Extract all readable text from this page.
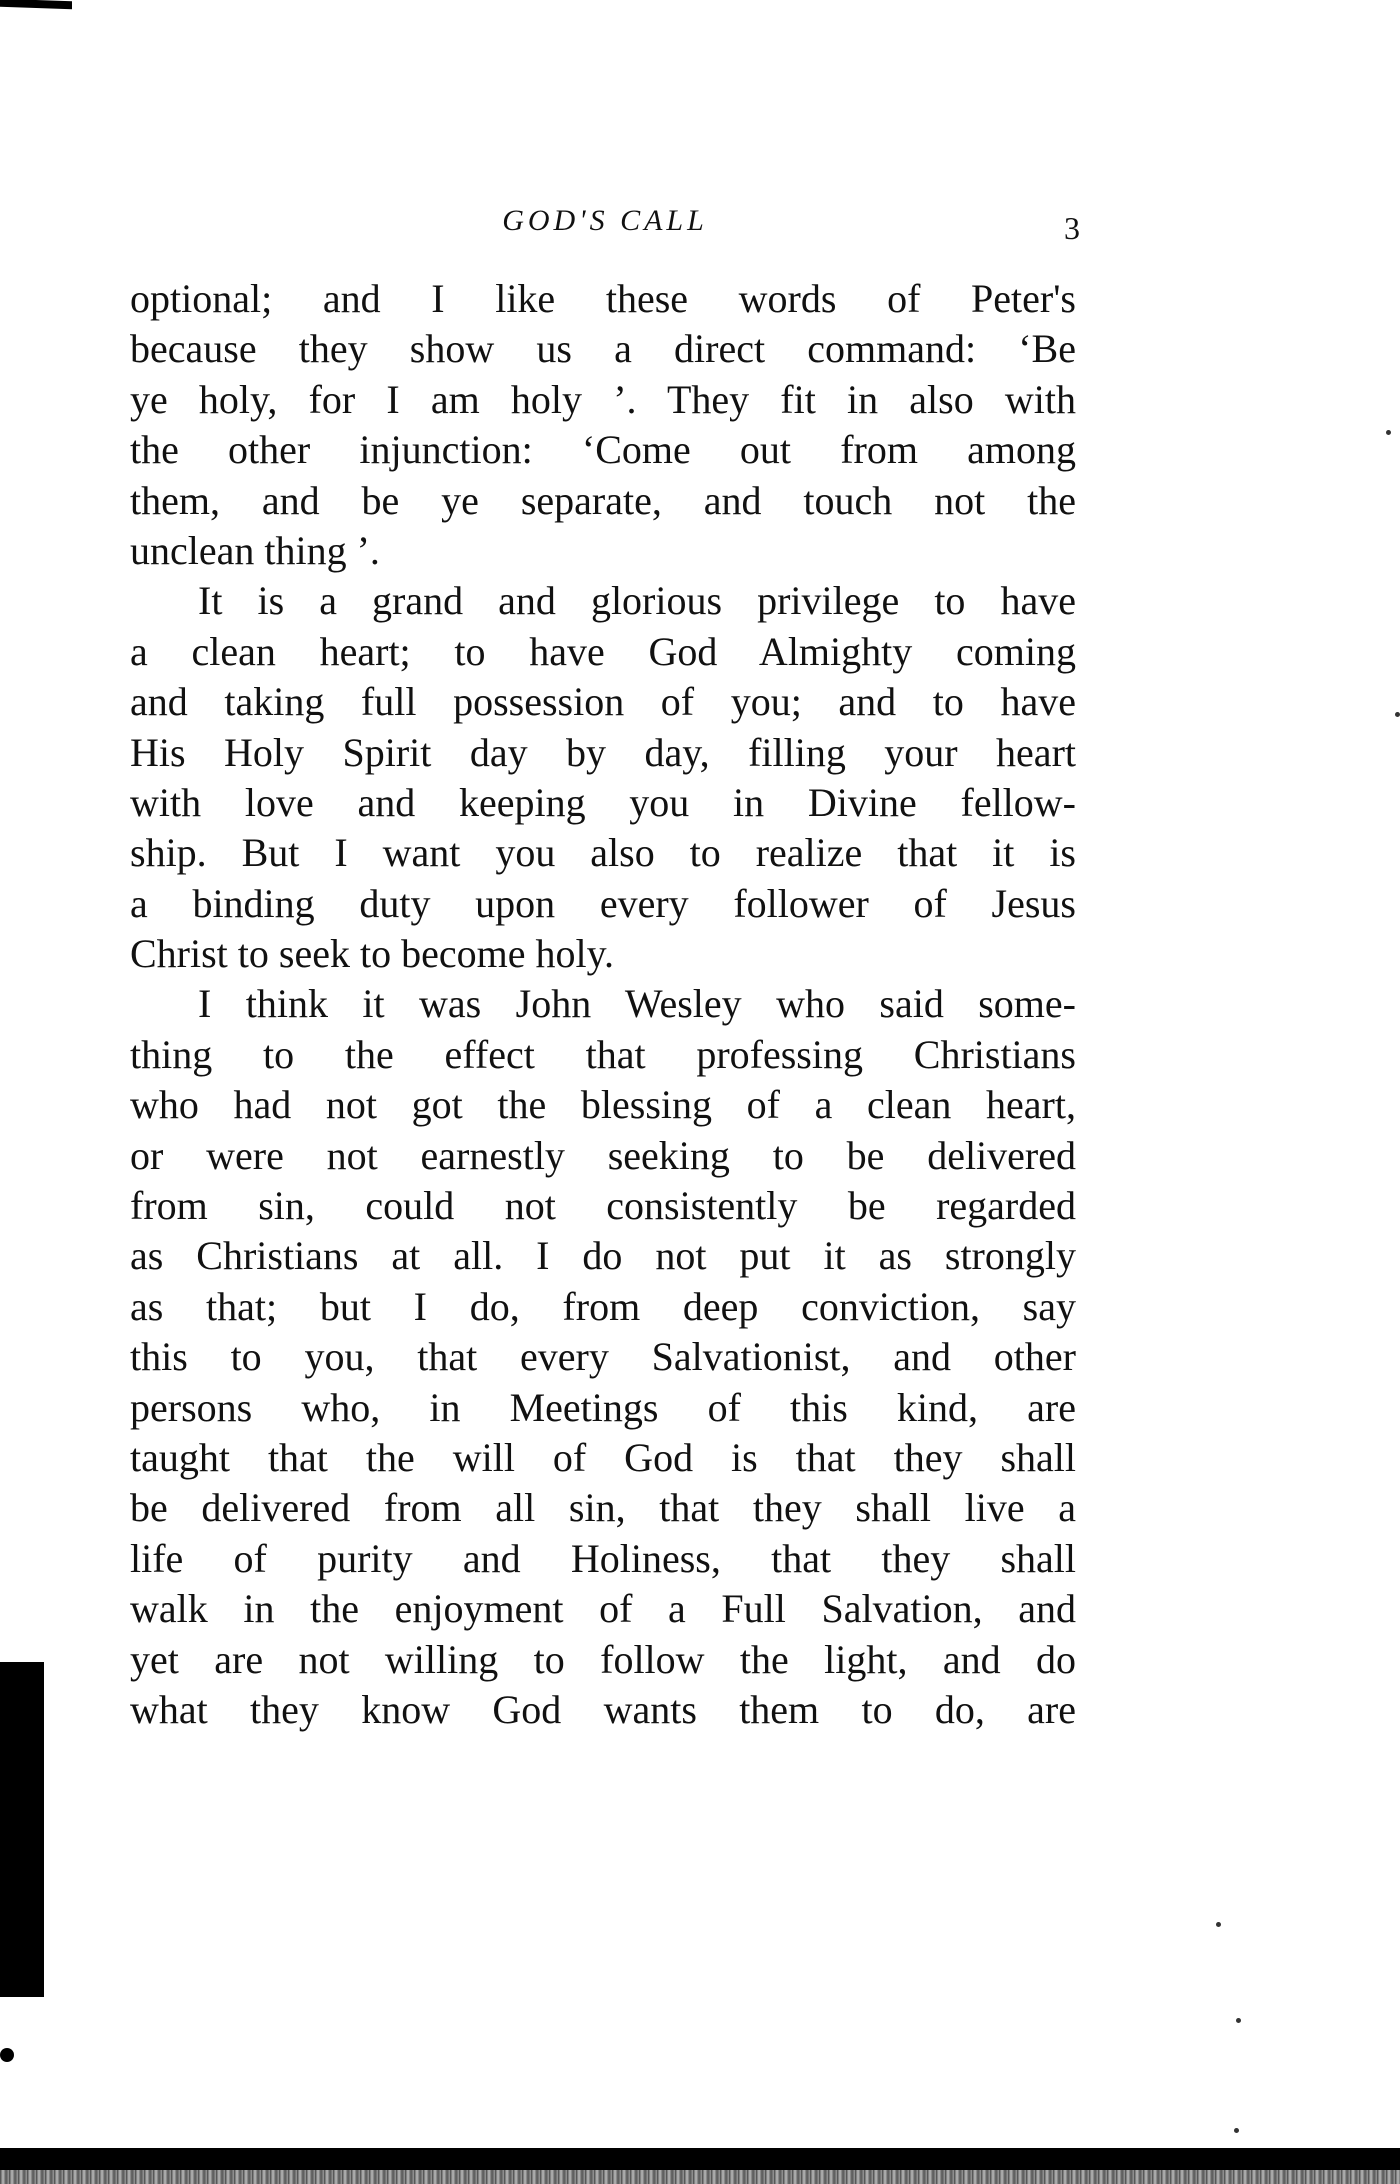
GOD'S CALL	3

optional; and I like these words of Peter's
because they show us a direct command: ‘Be
ye holy, for I am holy ’. They fit in also with
the other injunction: ‘Come out from among
them, and be ye separate, and touch not the
unclean thing ’.

It is a grand and glorious privilege to have
a clean heart; to have God Almighty coming
and taking full possession of you; and to have
His Holy Spirit day by day, filling your heart
with love and keeping you in Divine fellow-
ship. But I want you also to realize that it is
a binding duty upon every follower of Jesus
Christ to seek to become holy.

I think it was John Wesley who said some-
thing to the effect that professing Christians
who had not got the blessing of a clean heart,
or were not earnestly seeking to be delivered
from sin, could not consistently be regarded
as Christians at all. I do not put it as strongly
as that; but I do, from deep conviction, say
this to you, that every Salvationist, and other
persons who, in Meetings of this kind, are
taught that the will of God is that they shall
be delivered from all sin, that they shall live a
life of purity and Holiness, that they shall
walk in the enjoyment of a Full Salvation, and
yet are not willing to follow the light, and do
what they know God wants them to do, are
